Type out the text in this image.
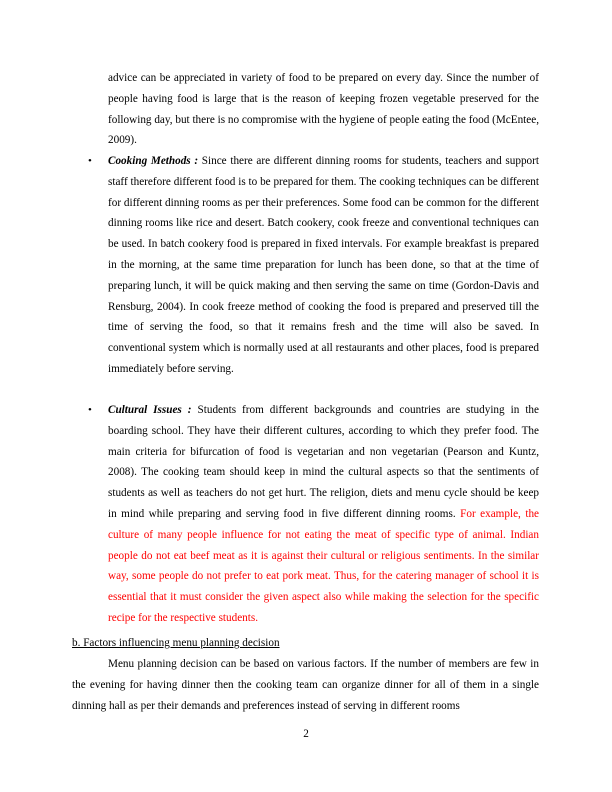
advice can be appreciated in variety of food to be prepared on every day. Since the number of people having food is large that is the reason of keeping frozen vegetable preserved for the following day, but there is no compromise with the hygiene of people eating the food (McEntee, 2009).
• Cooking Methods : Since there are different dinning rooms for students, teachers and support staff therefore different food is to be prepared for them. The cooking techniques can be different for different dinning rooms as per their preferences. Some food can be common for the different dinning rooms like rice and desert. Batch cookery, cook freeze and conventional techniques can be used. In batch cookery food is prepared in fixed intervals. For example breakfast is prepared in the morning, at the same time preparation for lunch has been done, so that at the time of preparing lunch, it will be quick making and then serving the same on time (Gordon-Davis and Rensburg, 2004). In cook freeze method of cooking the food is prepared and preserved till the time of serving the food, so that it remains fresh and the time will also be saved. In conventional system which is normally used at all restaurants and other places, food is prepared immediately before serving.
• Cultural Issues : Students from different backgrounds and countries are studying in the boarding school. They have their different cultures, according to which they prefer food. The main criteria for bifurcation of food is vegetarian and non vegetarian (Pearson and Kuntz, 2008). The cooking team should keep in mind the cultural aspects so that the sentiments of students as well as teachers do not get hurt. The religion, diets and menu cycle should be keep in mind while preparing and serving food in five different dinning rooms. For example, the culture of many people influence for not eating the meat of specific type of animal. Indian people do not eat beef meat as it is against their cultural or religious sentiments. In the similar way, some people do not prefer to eat pork meat. Thus, for the catering manager of school it is essential that it must consider the given aspect also while making the selection for the specific recipe for the respective students.
b. Factors influencing menu planning decision
Menu planning decision can be based on various factors. If the number of members are few in the evening for having dinner then the cooking team can organize dinner for all of them in a single dinning hall as per their demands and preferences instead of serving in different rooms
2
